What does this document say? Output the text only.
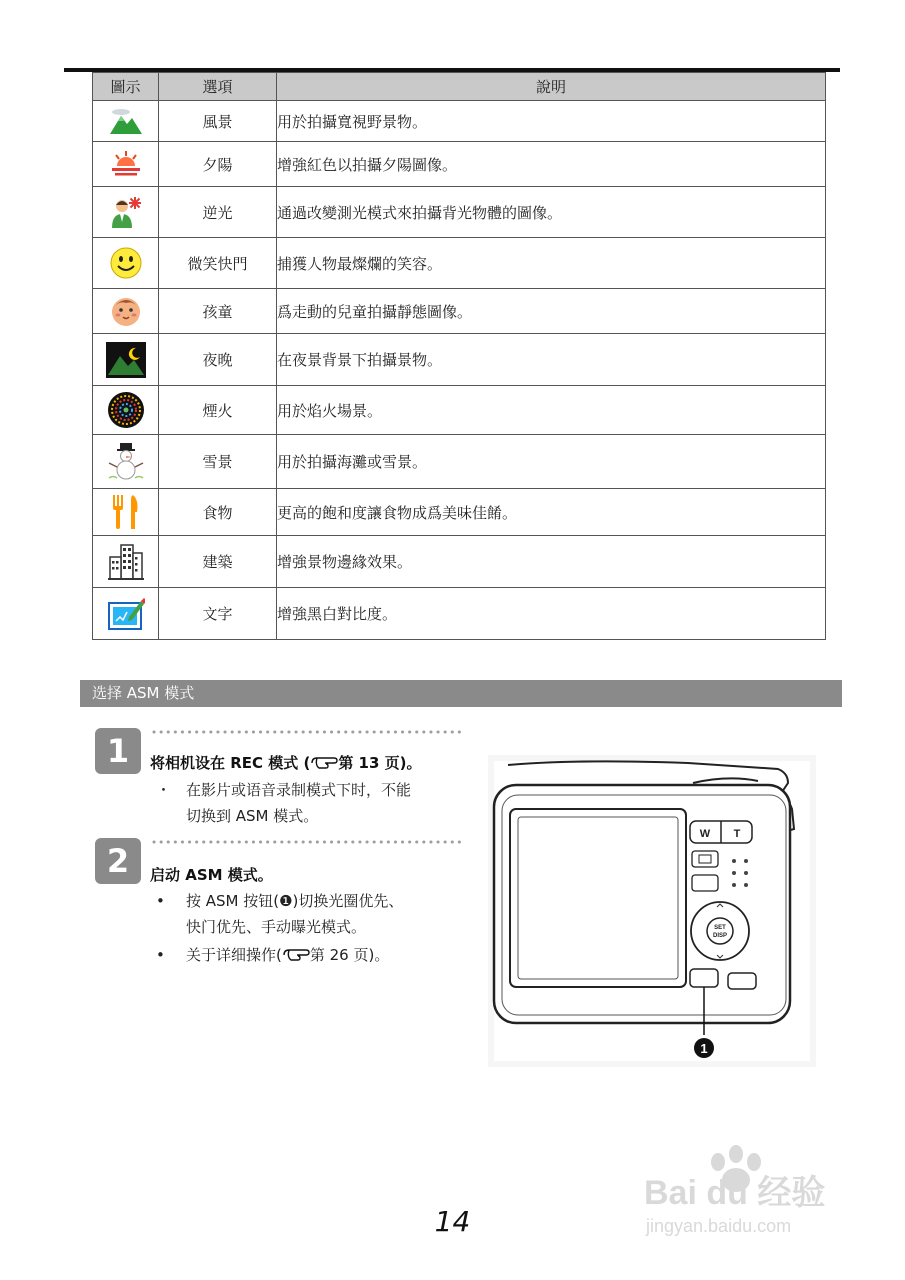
圖示	選項	說明

	風景	用於拍攝寬視野景物。

	夕陽	增強紅色以拍攝夕陽圖像。

	逆光	通過改變測光模式來拍攝背光物體的圖像。

	微笑快門	捕獲人物最燦爛的笑容。

	孩童	爲走動的兒童拍攝靜態圖像。

	夜晚	在夜景背景下拍攝景物。

	煙火	用於焰火場景。

	雪景	用於拍攝海灘或雪景。

	食物	更高的飽和度讓食物成爲美味佳餚。

	建築	增強景物邊緣效果。

	文字	增強黑白對比度。
选择 ASM 模式
1	将相机设在 REC 模式 ( 第 13 页)。
・ 在影片或语音录制模式下时，不能
切换到 ASM 模式。
2	启动 ASM 模式。
• 按 ASM 按钮(❶)切换光圈优先、
快门优先、手动曝光模式。
• 关于详细操作( 第 26 页)。
W T
SET
DISP
1
14
Bai du 经验
jingyan.baidu.com
